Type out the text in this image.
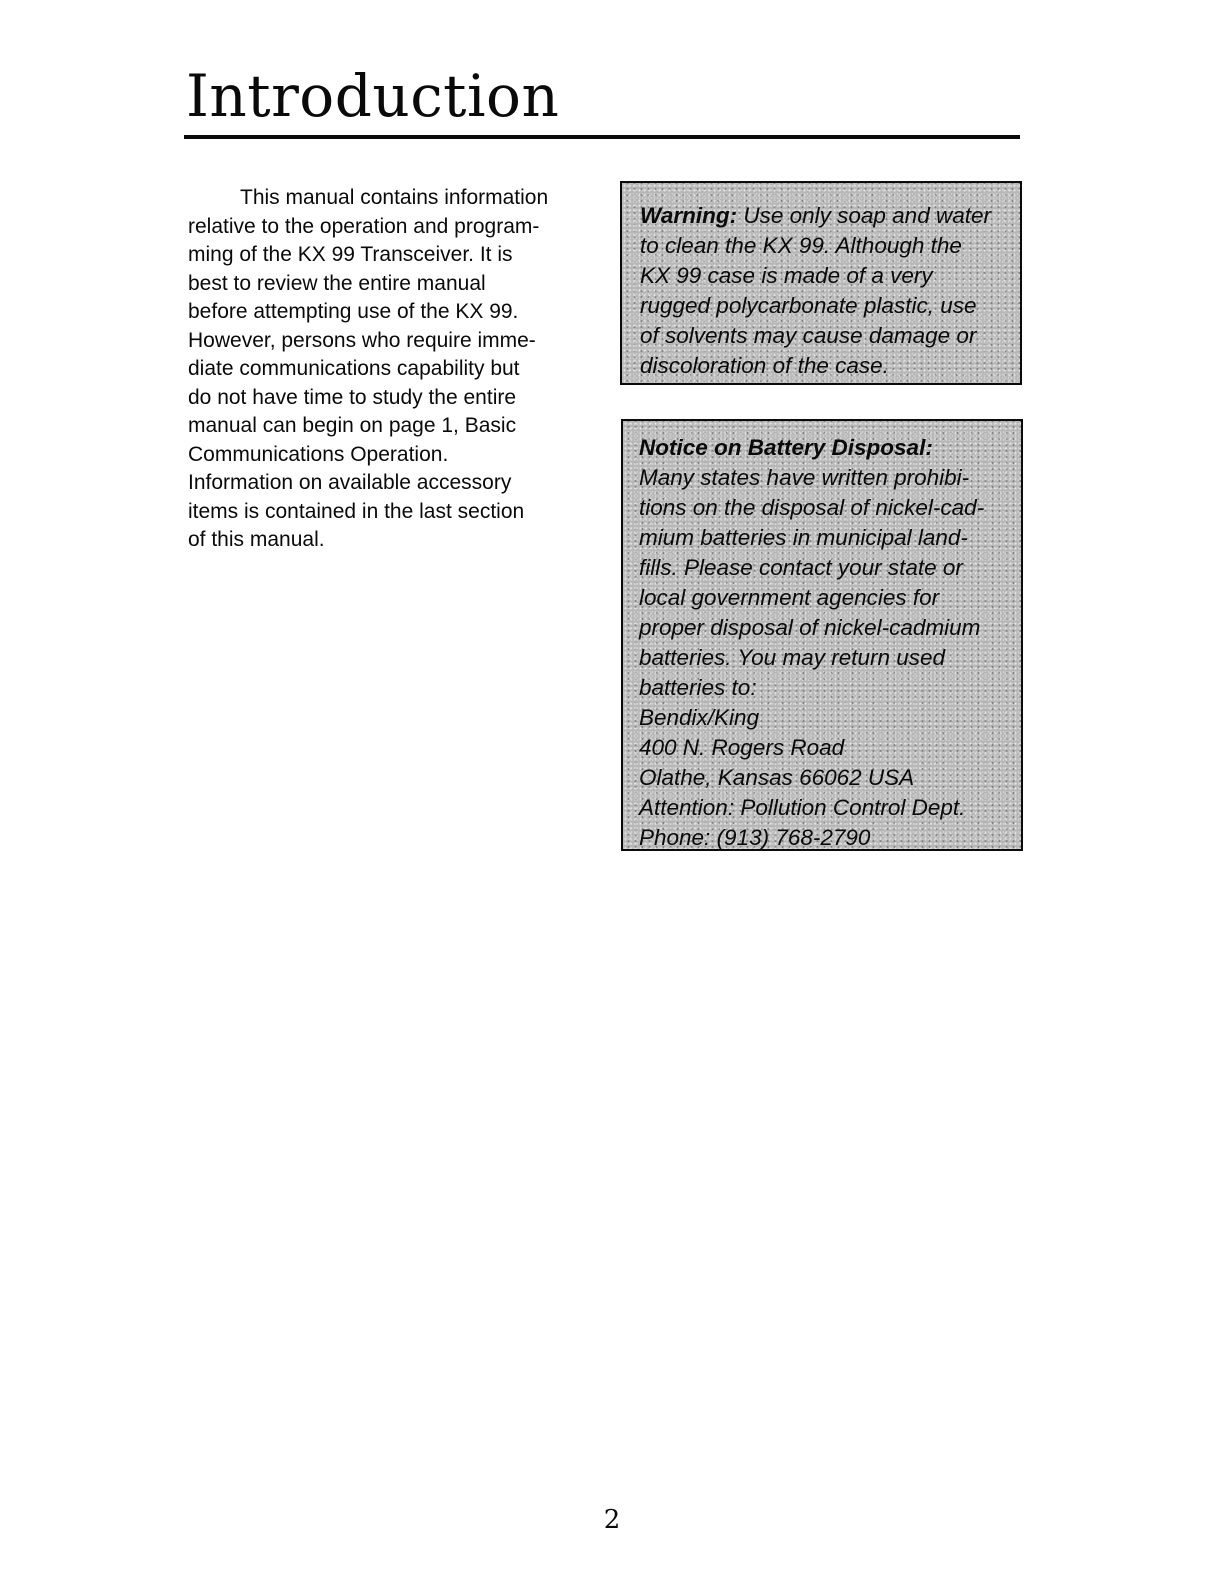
Introduction

This manual contains information
relative to the operation and program-
ming of the KX 99 Transceiver. It is
best to review the entire manual
before attempting use of the KX 99.
However, persons who require imme-
diate communications capability but
do not have time to study the entire
manual can begin on page 1, Basic
Communications Operation.
Information on available accessory
items is contained in the last section
of this manual.

Warning: Use only soap and water
to clean the KX 99. Although the
KX 99 case is made of a very
rugged polycarbonate plastic, use
of solvents may cause damage or
discoloration of the case.
Notice on Battery Disposal:
Many states have written prohibi-
tions on the disposal of nickel-cad-
mium batteries in municipal land-
fills. Please contact your state or
local government agencies for
proper disposal of nickel-cadmium
batteries. You may return used
batteries to:
Bendix/King
400 N. Rogers Road
Olathe, Kansas 66062 USA
Attention: Pollution Control Dept.
Phone: (913) 768-2790
2
